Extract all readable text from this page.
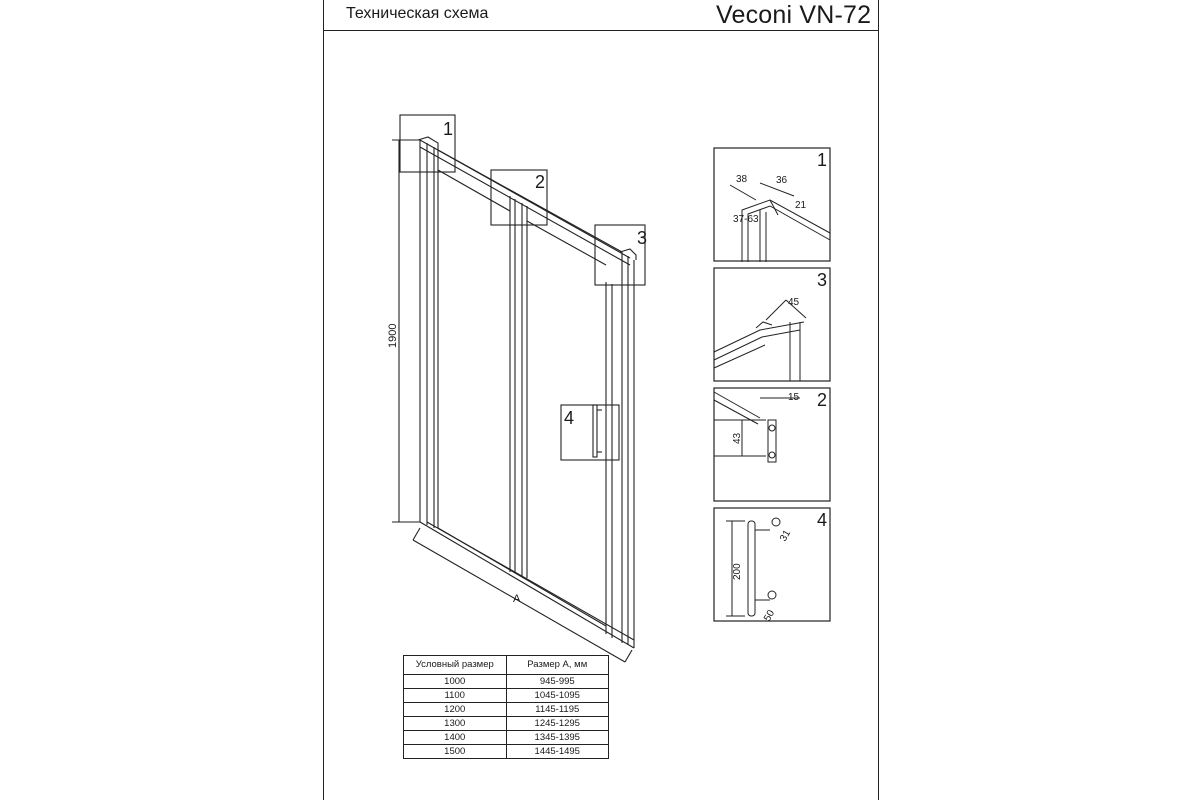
Техническая схема	Veconi VN-72
1
2
3
4
1900
A
1
38	36
21
37-63
3
45
2
15
43
4
200
31
50
Условный размер	Размер А, мм
1000	945-995
1100	1045-1095
1200	1145-1195
1300	1245-1295
1400	1345-1395
1500	1445-1495
